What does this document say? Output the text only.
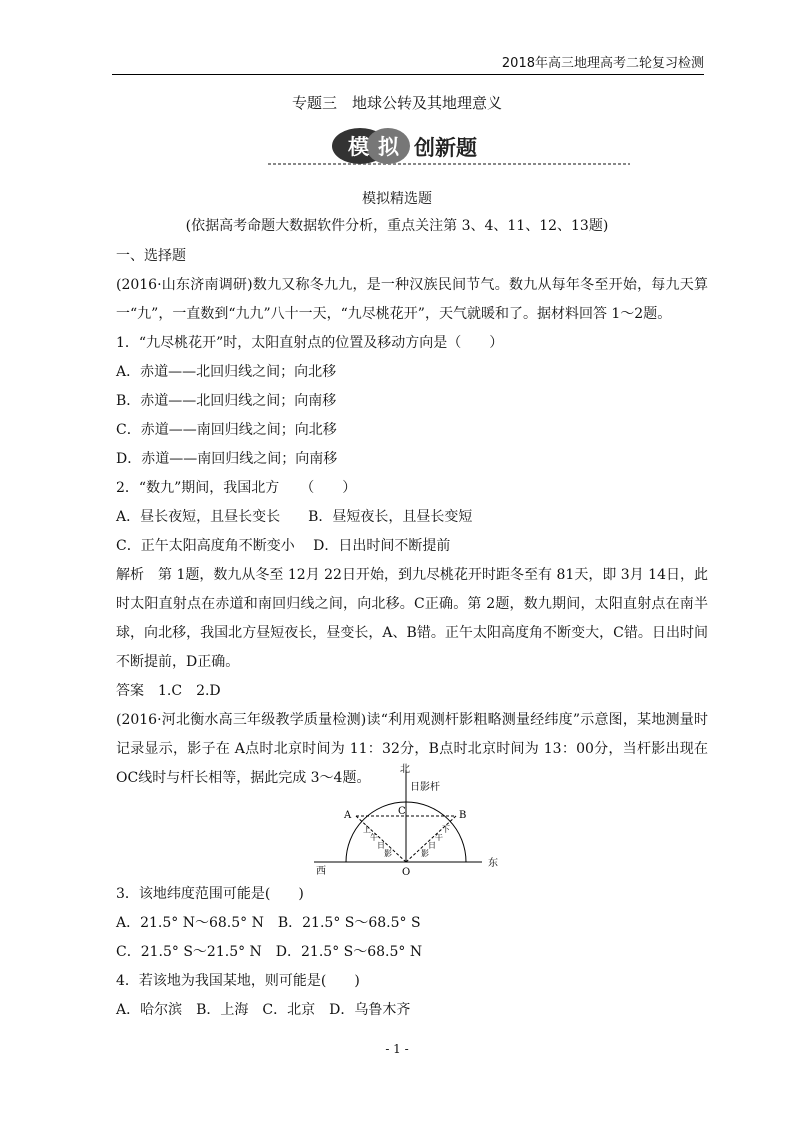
2018年高三地理高考二轮复习检测
专题三　地球公转及其地理意义
模 拟 创新题
模拟精选题
(依据高考命题大数据软件分析，重点关注第 3、4、11、12、13题)

一、选择题

(2016·山东济南调研)数九又称冬九九，是一种汉族民间节气。数九从每年冬至开始，每九天算一“九”，一直数到“九九”八十一天，“九尽桃花开”，天气就暖和了。据材料回答 1～2题。

1．“九尽桃花开”时，太阳直射点的位置及移动方向是（　　）

A．赤道——北回归线之间；向北移

B．赤道——北回归线之间；向南移

C．赤道——南回归线之间；向北移

D．赤道——南回归线之间；向南移

2．“数九”期间，我国北方　　（　　）

A．昼长夜短，且昼长变长　　B．昼短夜长，且昼长变短

C．正午太阳高度角不断变小　 D．日出时间不断提前

解析　第 1题，数九从冬至 12月 22日开始，到九尽桃花开时距冬至有 81天，即 3月 14日，此时太阳直射点在赤道和南回归线之间，向北移。C正确。第 2题，数九期间，太阳直射点在南半球，向北移，我国北方昼短夜长，昼变长，A、B错。正午太阳高度角不断变大，C错。日出时间不断提前，D正确。

答案　1.C　2.D

(2016·河北衡水高三年级教学质量检测)读“利用观测杆影粗略测量经纬度”示意图，某地测量时记录显示，影子在 A点时北京时间为 11：32分，B点时北京时间为 13：00分，当杆影出现在 OC线时与杆长相等，据此完成 3～4题。

北
日影杆
A	B
C
O
西
东
上
午
日
影
下
午
日
影

3．该地纬度范围可能是(　　)

A．21.5° N～68.5° N　B．21.5° S～68.5° S

C．21.5° S～21.5° N　D．21.5° S～68.5° N

4．若该地为我国某地，则可能是(　　)

A．哈尔滨　B．上海　C．北京　D．乌鲁木齐

- 1 -
